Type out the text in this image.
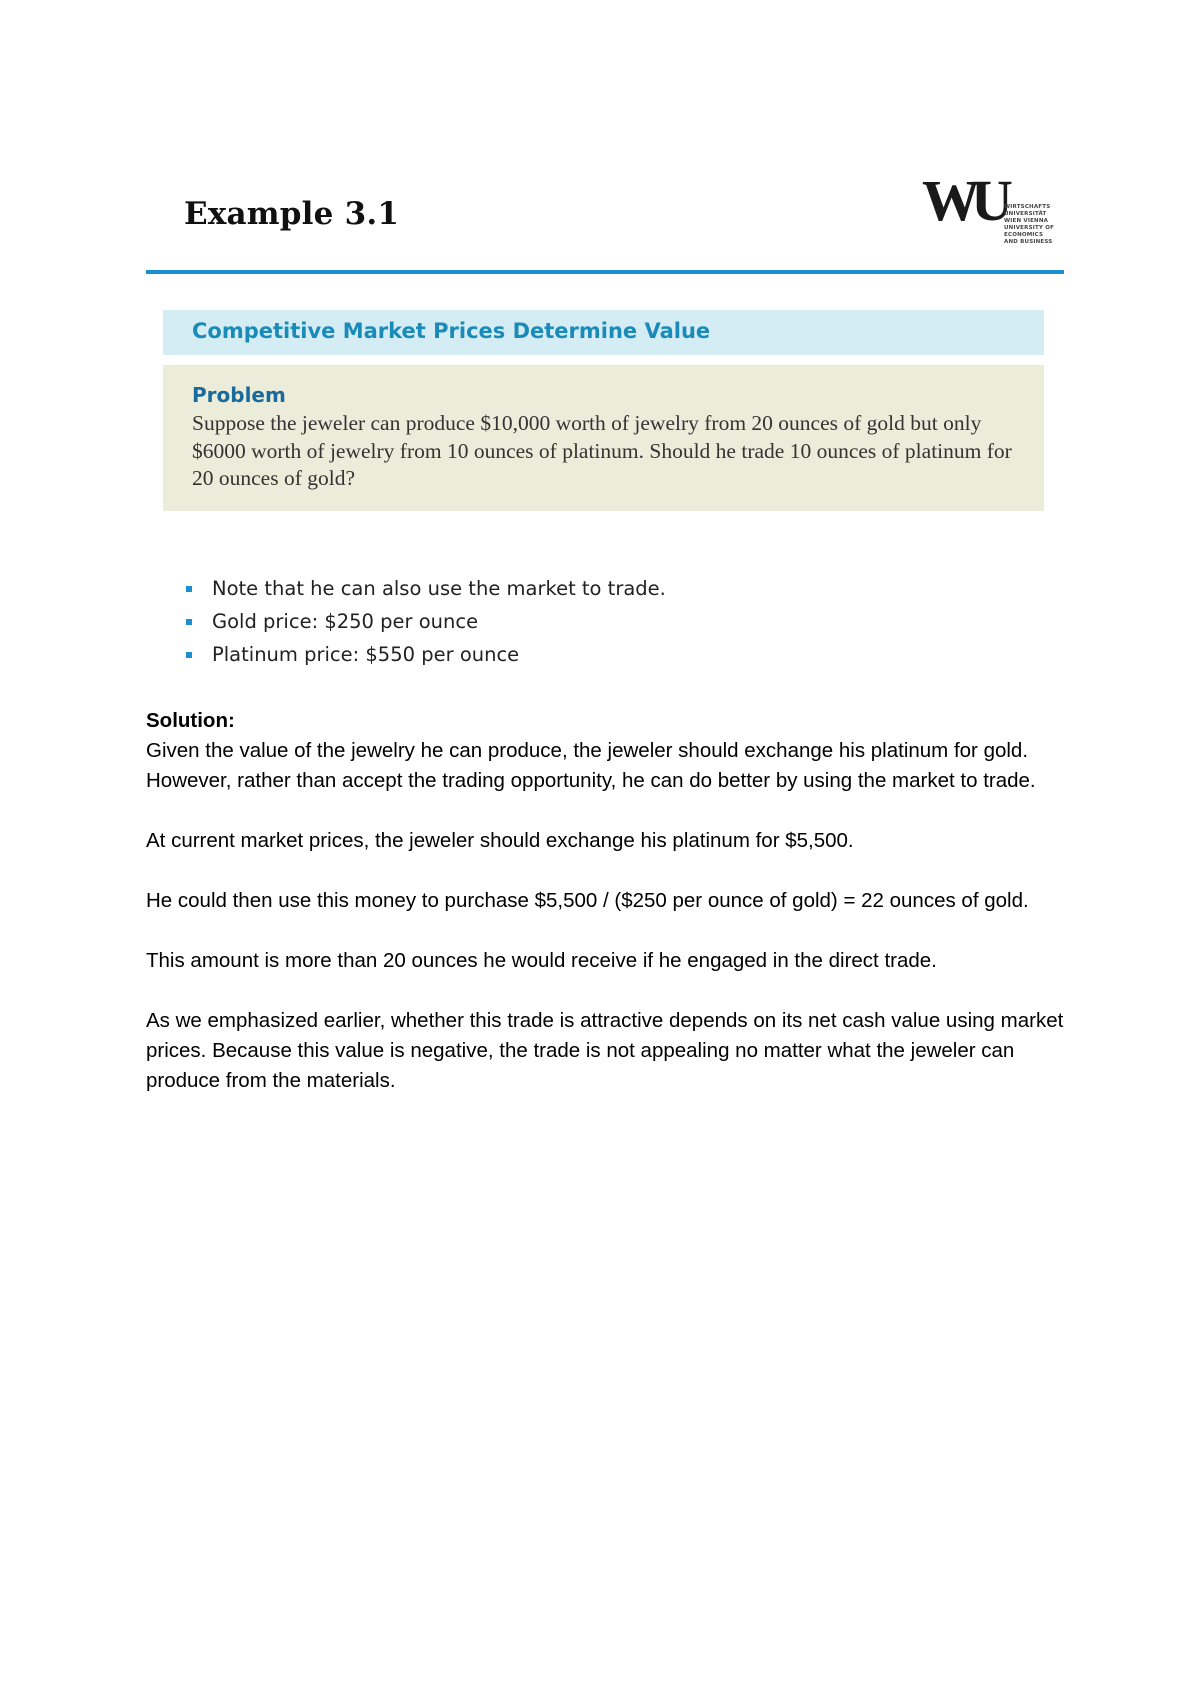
Example 3.1	WU WIRTSCHAFTS
UNIVERSITÄT
WIEN VIENNA
UNIVERSITY OF
ECONOMICS
AND BUSINESS
Competitive Market Prices Determine Value
Problem
Suppose the jeweler can produce $10,000 worth of jewelry from 20 ounces of gold but only $6000 worth of jewelry from 10 ounces of platinum. Should he trade 10 ounces of platinum for 20 ounces of gold?
Note that he can also use the market to trade.
Gold price: $250 per ounce
Platinum price: $550 per ounce
Solution:

Given the value of the jewelry he can produce, the jeweler should exchange his platinum for gold. However, rather than accept the trading opportunity, he can do better by using the market to trade.

At current market prices, the jeweler should exchange his platinum for $5,500.

He could then use this money to purchase $5,500 / ($250 per ounce of gold) = 22 ounces of gold.

This amount is more than 20 ounces he would receive if he engaged in the direct trade.

As we emphasized earlier, whether this trade is attractive depends on its net cash value using market prices. Because this value is negative, the trade is not appealing no matter what the jeweler can produce from the materials.
